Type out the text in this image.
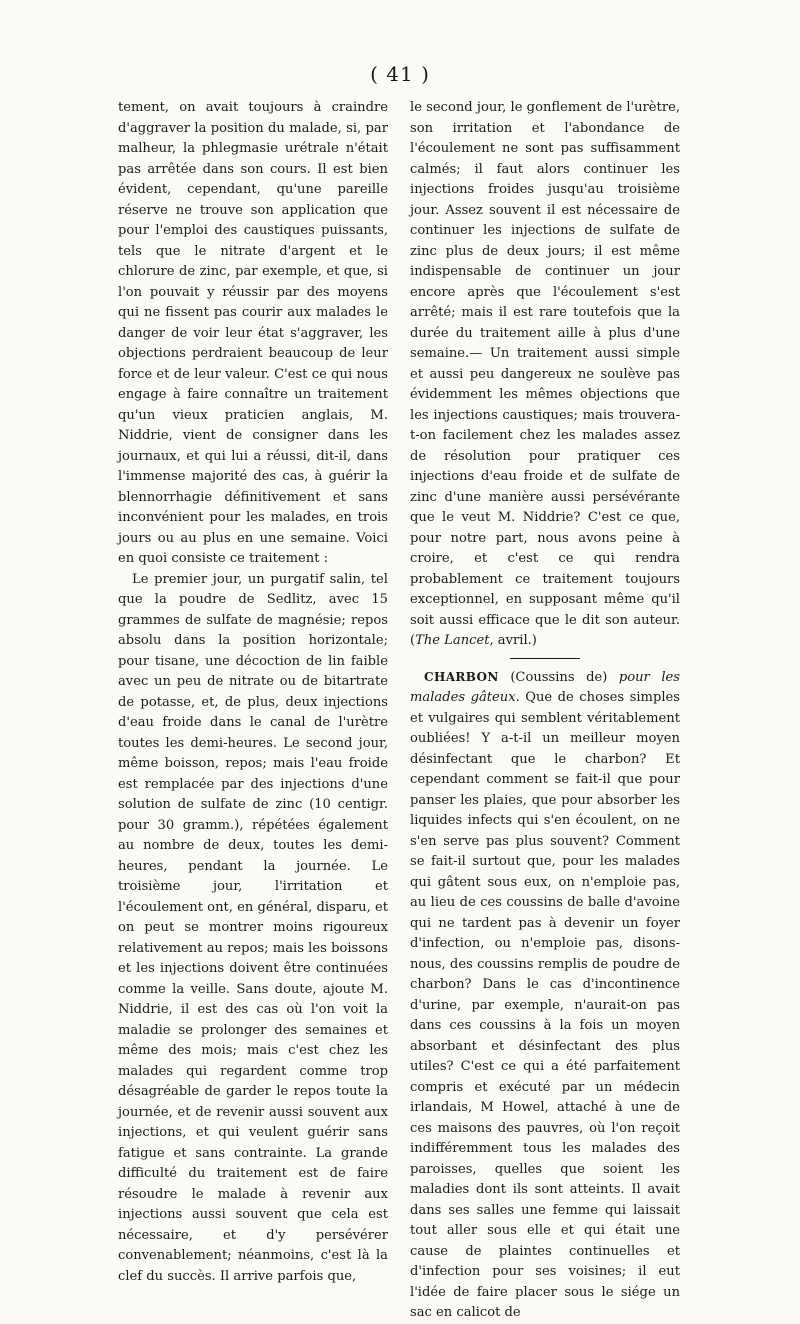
( 41 )

tement, on avait toujours à craindre d'aggraver la position du malade, si, par malheur, la phlegmasie urétrale n'était pas arrêtée dans son cours. Il est bien évident, cependant, qu'une pareille réserve ne trouve son application que pour l'emploi des caustiques puissants, tels que le nitrate d'argent et le chlorure de zinc, par exemple, et que, si l'on pouvait y réussir par des moyens qui ne fissent pas courir aux malades le danger de voir leur état s'aggraver, les objections perdraient beaucoup de leur force et de leur valeur. C'est ce qui nous engage à faire connaître un traitement qu'un vieux praticien anglais, M. Niddrie, vient de consigner dans les journaux, et qui lui a réussi, dit-il, dans l'immense majorité des cas, à guérir la blennorrhagie définitivement et sans inconvénient pour les malades, en trois jours ou au plus en une semaine. Voici en quoi consiste ce traitement :

Le premier jour, un purgatif salin, tel que la poudre de Sedlitz, avec 15 grammes de sulfate de magnésie; repos absolu dans la position horizontale; pour tisane, une décoction de lin faible avec un peu de nitrate ou de bitartrate de potasse, et, de plus, deux injections d'eau froide dans le canal de l'urètre toutes les demi-heures. Le second jour, même boisson, repos; mais l'eau froide est remplacée par des injections d'une solution de sulfate de zinc (10 centigr. pour 30 gramm.), répétées également au nombre de deux, toutes les demi-heures, pendant la journée. Le troisième jour, l'irritation et l'écoulement ont, en général, disparu, et on peut se montrer moins rigoureux relativement au repos; mais les boissons et les injections doivent être continuées comme la veille. Sans doute, ajoute M. Niddrie, il est des cas où l'on voit la maladie se prolonger des semaines et même des mois; mais c'est chez les malades qui regardent comme trop désagréable de garder le repos toute la journée, et de revenir aussi souvent aux injections, et qui veulent guérir sans fatigue et sans contrainte. La grande difficulté du traitement est de faire résoudre le malade à revenir aux injections aussi souvent que cela est nécessaire, et d'y persévérer convenablement; néanmoins, c'est là la clef du succès. Il arrive parfois que,

le second jour, le gonflement de l'urètre, son irritation et l'abondance de l'écoulement ne sont pas suffisamment calmés; il faut alors continuer les injections froides jusqu'au troisième jour. Assez souvent il est nécessaire de continuer les injections de sulfate de zinc plus de deux jours; il est même indispensable de continuer un jour encore après que l'écoulement s'est arrêté; mais il est rare toutefois que la durée du traitement aille à plus d'une semaine.— Un traitement aussi simple et aussi peu dangereux ne soulève pas évidemment les mêmes objections que les injections caustiques; mais trouvera-t-on facilement chez les malades assez de résolution pour pratiquer ces injections d'eau froide et de sulfate de zinc d'une manière aussi persévérante que le veut M. Niddrie? C'est ce que, pour notre part, nous avons peine à croire, et c'est ce qui rendra probablement ce traitement toujours exceptionnel, en supposant même qu'il soit aussi efficace que le dit son auteur. (The Lancet, avril.)

CHARBON (Coussins de) pour les malades gâteux. Que de choses simples et vulgaires qui semblent véritablement oubliées! Y a-t-il un meilleur moyen désinfectant que le charbon? Et cependant comment se fait-il que pour panser les plaies, que pour absorber les liquides infects qui s'en écoulent, on ne s'en serve pas plus souvent? Comment se fait-il surtout que, pour les malades qui gâtent sous eux, on n'emploie pas, au lieu de ces coussins de balle d'avoine qui ne tardent pas à devenir un foyer d'infection, ou n'emploie pas, disons-nous, des coussins remplis de poudre de charbon? Dans le cas d'incontinence d'urine, par exemple, n'aurait-on pas dans ces coussins à la fois un moyen absorbant et désinfectant des plus utiles? C'est ce qui a été parfaitement compris et exécuté par un médecin irlandais, M Howel, attaché à une de ces maisons des pauvres, où l'on reçoit indifféremment tous les malades des paroisses, quelles que soient les maladies dont ils sont atteints. Il avait dans ses salles une femme qui laissait tout aller sous elle et qui était une cause de plaintes continuelles et d'infection pour ses voisines; il eut l'idée de faire placer sous le siége un sac en calicot de
